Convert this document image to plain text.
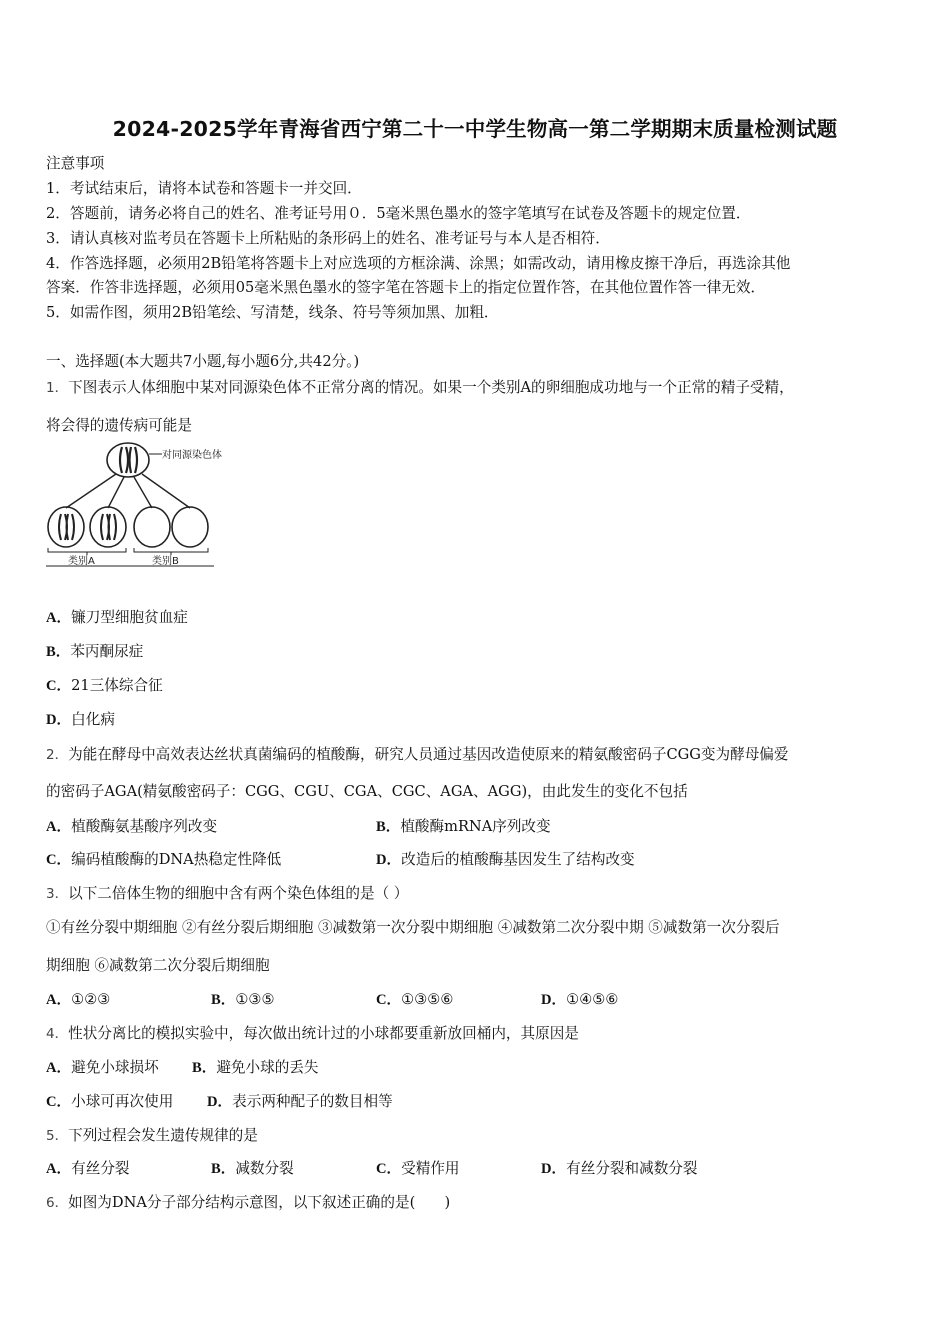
2024-2025学年青海省西宁第二十一中学生物高一第二学期期末质量检测试题
注意事项
1．考试结束后，请将本试卷和答题卡一并交回．
2．答题前，请务必将自己的姓名、准考证号用０．5毫米黑色墨水的签字笔填写在试卷及答题卡的规定位置．
3．请认真核对监考员在答题卡上所粘贴的条形码上的姓名、准考证号与本人是否相符．
4．作答选择题，必须用2B铅笔将答题卡上对应选项的方框涂满、涂黑；如需改动，请用橡皮擦干净后，再选涂其他
答案．作答非选择题，必须用05毫米黑色墨水的签字笔在答题卡上的指定位置作答，在其他位置作答一律无效．
5．如需作图，须用2B铅笔绘、写清楚，线条、符号等须加黑、加粗．
一、选择题(本大题共7小题,每小题6分,共42分。)
1．下图表示人体细胞中某对同源染色体不正常分离的情况。如果一个类别A的卵细胞成功地与一个正常的精子受精，
将会得的遗传病可能是
对同源染色体
类别A	类别B
A．镰刀型细胞贫血症
B．苯丙酮尿症
C．21三体综合征
D．白化病
2．为能在酵母中高效表达丝状真菌编码的植酸酶，研究人员通过基因改造使原来的精氨酸密码子CGG变为酵母偏爱
的密码子AGA(精氨酸密码子：CGG、CGU、CGA、CGC、AGA、AGG)，由此发生的变化不包括
A．植酸酶氨基酸序列改变	B．植酸酶mRNA序列改变
C．编码植酸酶的DNA热稳定性降低	D．改造后的植酸酶基因发生了结构改变
3．以下二倍体生物的细胞中含有两个染色体组的是（ ）
①有丝分裂中期细胞 ②有丝分裂后期细胞 ③减数第一次分裂中期细胞 ④减数第二次分裂中期 ⑤减数第一次分裂后
期细胞 ⑥减数第二次分裂后期细胞
A．①②③	B．①③⑤	C．①③⑤⑥	D．①④⑤⑥
4．性状分离比的模拟实验中，每次做出统计过的小球都要重新放回桶内，其原因是
A．避免小球损坏 B．避免小球的丢失
C．小球可再次使用 D．表示两种配子的数目相等
5．下列过程会发生遗传规律的是
A．有丝分裂	B．减数分裂	C．受精作用	D．有丝分裂和减数分裂
6．如图为DNA分子部分结构示意图，以下叙述正确的是(　　)
